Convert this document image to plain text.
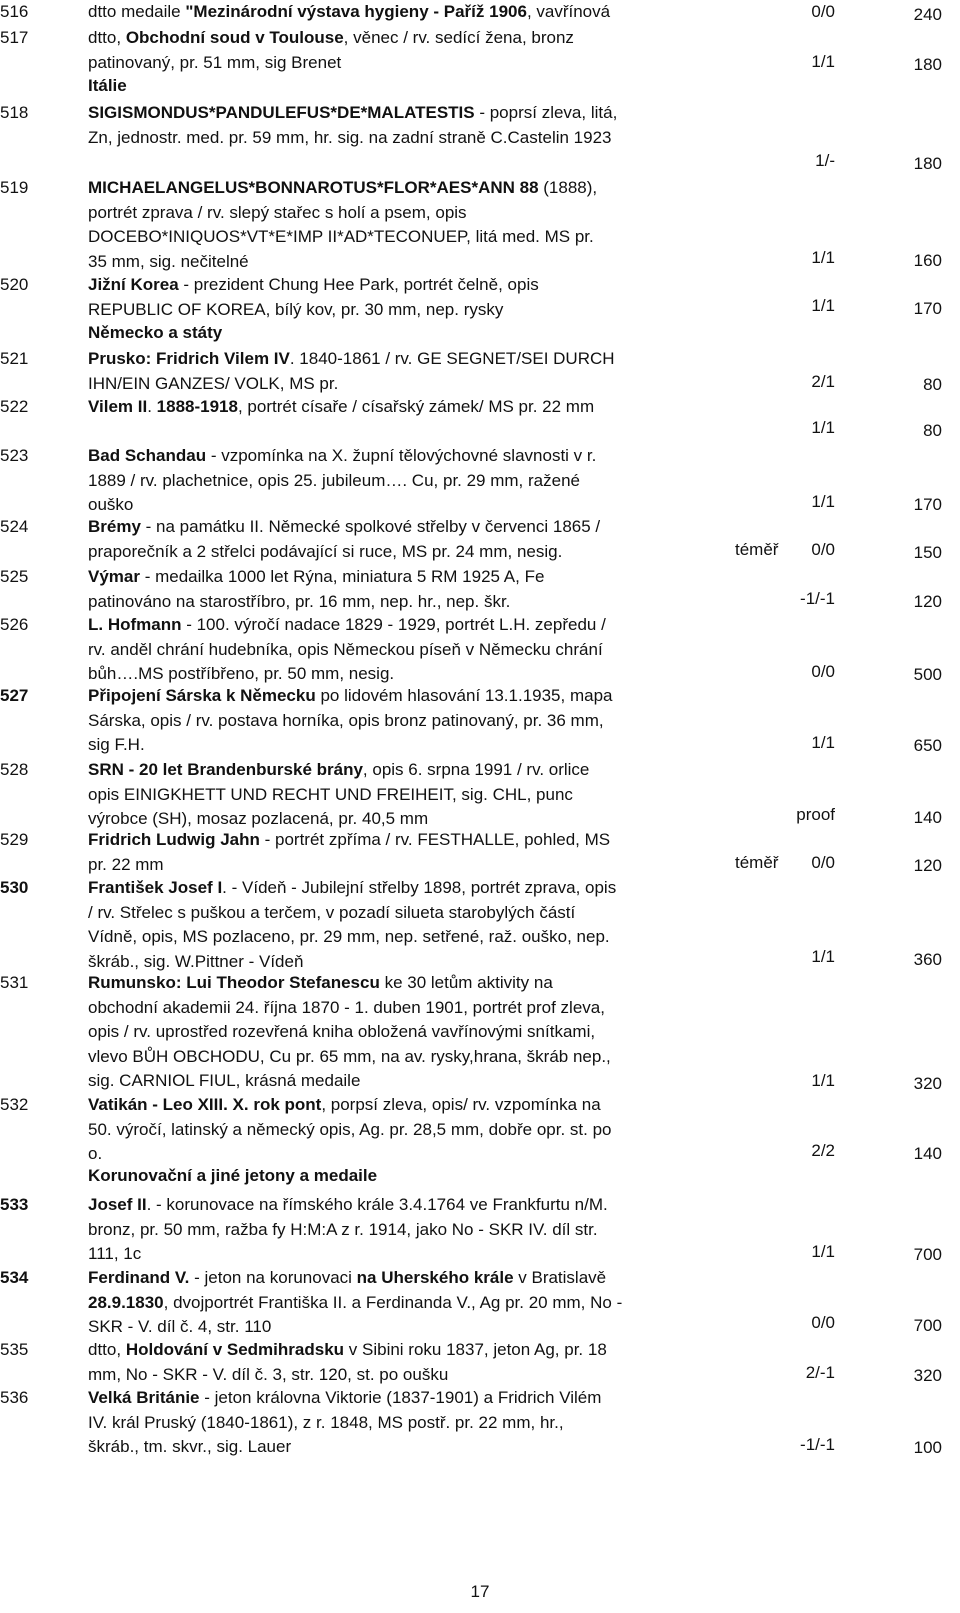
516	dtto medaile "Mezinárodní výstava hygieny - Paříž 1906, vavřínová	0/0	240
517	dtto, Obchodní soud v Toulouse, věnec / rv. sedící žena, bronz
patinovaný, pr. 51 mm, sig Brenet	1/1	180
518	SIGISMONDUS*PANDULEFUS*DE*MALATESTIS - poprsí zleva, litá,
Zn, jednostr. med. pr. 59 mm, hr. sig. na zadní straně C.Castelin 1923
1/-	180
519	MICHAELANGELUS*BONNAROTUS*FLOR*AES*ANN 88 (1888),
portrét zprava / rv. slepý stařec s holí a psem, opis
DOCEBO*INIQUOS*VT*E*IMP II*AD*TECONUEP, litá med. MS pr.
35 mm, sig. nečitelné	1/1	160
520	Jižní Korea - prezident Chung Hee Park, portrét čelně, opis
REPUBLIC OF KOREA, bílý kov, pr. 30 mm, nep. rysky	1/1	170
521	Prusko: Fridrich Vilem IV. 1840-1861 / rv. GE SEGNET/SEI DURCH
IHN/EIN GANZES/ VOLK, MS pr.	2/1	80
522	Vilem II. 1888-1918, portrét císaře / císařský zámek/ MS pr. 22 mm
1/1	80
523	Bad Schandau - vzpomínka na X. župní tělovýchovné slavnosti v r.
1889 / rv. plachetnice, opis 25. jubileum…. Cu, pr. 29 mm, ražené
ouško	1/1	170
524	Brémy - na památku II. Německé spolkové střelby v červenci 1865 /
praporečník a 2 střelci podávající si ruce, MS pr. 24 mm, nesig.	téměř 0/0	150
525	Výmar - medailka 1000 let Rýna, miniatura 5 RM 1925 A, Fe
patinováno na starostříbro, pr. 16 mm, nep. hr., nep. škr.	-1/-1	120
526	L. Hofmann - 100. výročí nadace 1829 - 1929, portrét L.H. zepředu /
rv. anděl chrání hudebníka, opis Německou píseň v Německu chrání
bůh….MS postříbřeno, pr. 50 mm, nesig.	0/0	500
527	Připojení Sárska k Německu po lidovém hlasování 13.1.1935, mapa
Sárska, opis / rv. postava horníka, opis bronz patinovaný, pr. 36 mm,
sig F.H.	1/1	650
528	SRN - 20 let Brandenburské brány, opis 6. srpna 1991 / rv. orlice
opis EINIGKHETT UND RECHT UND FREIHEIT, sig. CHL, punc
výrobce (SH), mosaz pozlacená, pr. 40,5 mm	proof	140
529	Fridrich Ludwig Jahn - portrét zpříma / rv. FESTHALLE, pohled, MS
pr. 22 mm	téměř 0/0	120
530	František Josef I. - Vídeň - Jubilejní střelby 1898, portrét zprava, opis
/ rv. Střelec s puškou a terčem, v pozadí silueta starobylých částí
Vídně, opis, MS pozlaceno, pr. 29 mm, nep. setřené, raž. ouško, nep.
škráb., sig. W.Pittner - Vídeň	1/1	360
531	Rumunsko: Lui Theodor Stefanescu ke 30 letům aktivity na
obchodní akademii 24. října 1870 - 1. duben 1901, portrét prof zleva,
opis / rv. uprostřed rozevřená kniha obložená vavřínovými snítkami,
vlevo BŮH OBCHODU, Cu pr. 65 mm, na av. rysky,hrana, škráb nep.,
sig. CARNIOL FIUL, krásná medaile	1/1	320
532	Vatikán - Leo XIII. X. rok pont, porpsí zleva, opis/ rv. vzpomínka na
50. výročí, latinský a německý opis, Ag. pr. 28,5 mm, dobře opr. st. po
o.	2/2	140
533	Josef II. - korunovace na římského krále 3.4.1764 ve Frankfurtu n/M.
bronz, pr. 50 mm, ražba fy H:M:A z r. 1914, jako No - SKR IV. díl str.
111, 1c	1/1	700
534	Ferdinand V. - jeton na korunovaci na Uherského krále v Bratislavě
28.9.1830, dvojportrét Františka II. a Ferdinanda V., Ag pr. 20 mm, No -
SKR - V. díl č. 4, str. 110	0/0	700
535	dtto, Holdování v Sedmihradsku v Sibini roku 1837, jeton Ag, pr. 18
mm, No - SKR - V. díl č. 3, str. 120, st. po oušku	2/-1	320
536	Velká Británie - jeton královna Viktorie (1837-1901) a Fridrich Vilém
IV. král Pruský (1840-1861), z r. 1848, MS postř. pr. 22 mm, hr.,
škráb., tm. skvr., sig. Lauer	-1/-1	100
Itálie
Německo a státy
Korunovační a jiné jetony a medaile
17
